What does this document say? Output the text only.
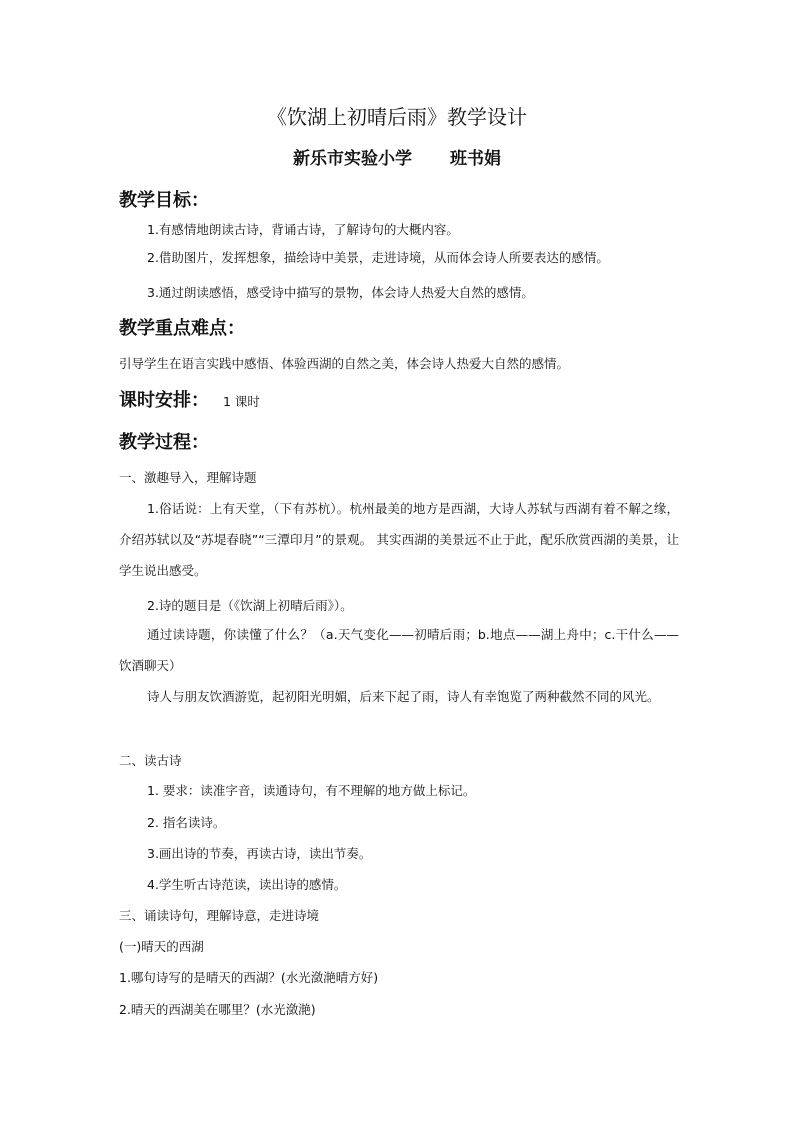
《饮湖上初晴后雨》教学设计
新乐市实验小学 班书娟
教学目标：
1.有感情地朗读古诗，背诵古诗，了解诗句的大概内容。
2.借助图片，发挥想象，描绘诗中美景，走进诗境，从而体会诗人所要表达的感情。
3.通过朗读感悟，感受诗中描写的景物，体会诗人热爱大自然的感情。
教学重点难点：
引导学生在语言实践中感悟、体验西湖的自然之美，体会诗人热爱大自然的感情。
课时安排： 1 课时
教学过程：
一、激趣导入，理解诗题
1.俗话说：上有天堂，（下有苏杭）。杭州最美的地方是西湖，大诗人苏轼与西湖有着不解之缘，介绍苏轼以及“苏堤春晓”“三潭印月”的景观。 其实西湖的美景远不止于此，配乐欣赏西湖的美景，让学生说出感受。
2.诗的题目是（《饮湖上初晴后雨》）。
通过读诗题，你读懂了什么？（a.天气变化——初晴后雨；b.地点——湖上舟中；c.干什么——饮酒聊天）
诗人与朋友饮酒游览，起初阳光明媚，后来下起了雨，诗人有幸饱览了两种截然不同的风光。
二、读古诗
1. 要求：读准字音，读通诗句，有不理解的地方做上标记。
2. 指名读诗。
3.画出诗的节奏，再读古诗，读出节奏。
4.学生听古诗范读，读出诗的感情。
三、诵读诗句，理解诗意，走进诗境
(一)晴天的西湖
1.哪句诗写的是晴天的西湖？(水光潋滟晴方好)
2.晴天的西湖美在哪里？(水光潋滟)
